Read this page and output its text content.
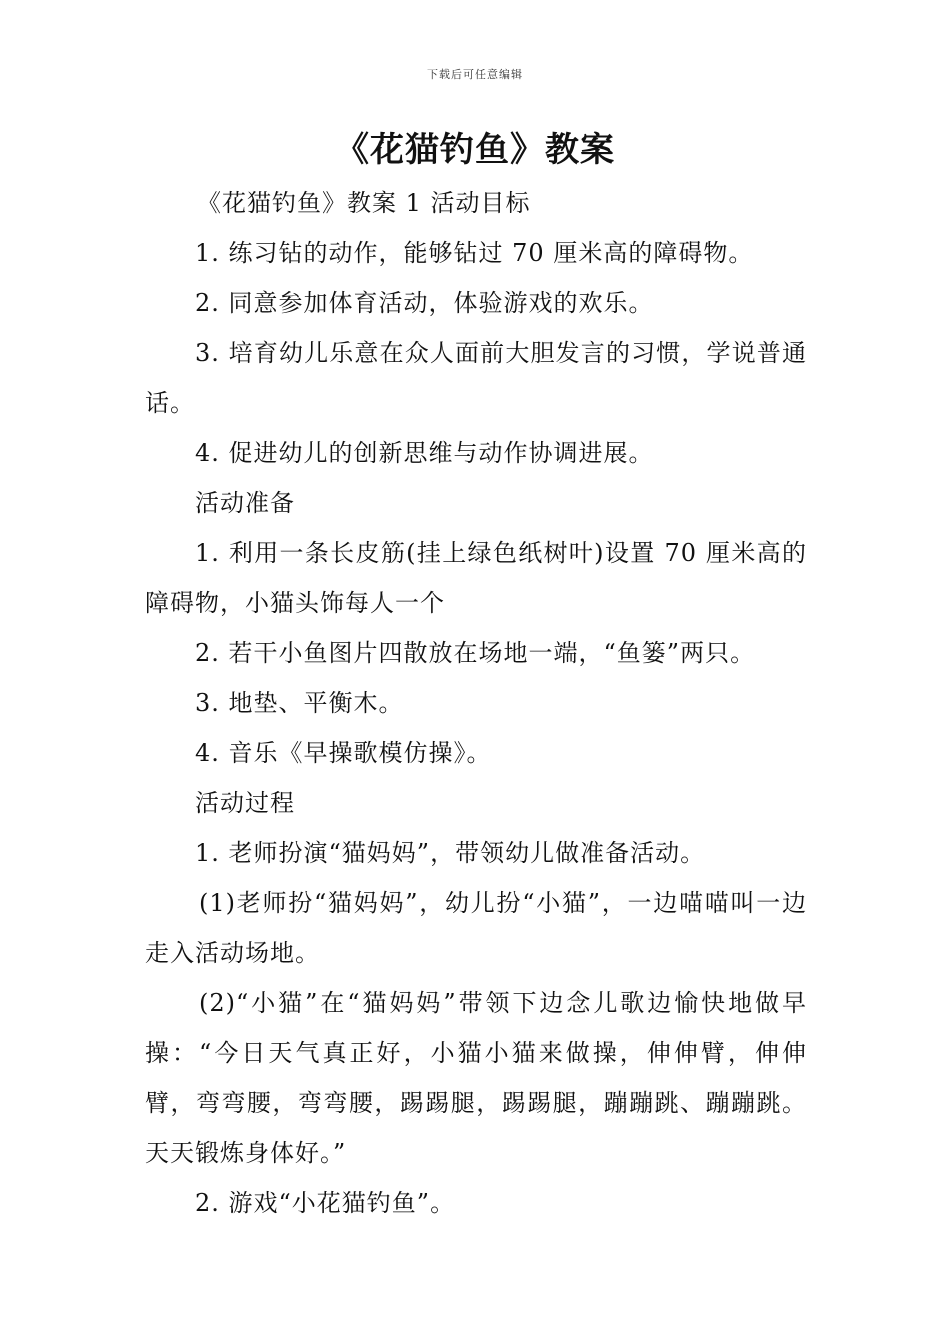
下载后可任意编辑
《花猫钓鱼》教案

《花猫钓鱼》教案 1 活动目标

1. 练习钻的动作，能够钻过 70 厘米高的障碍物。

2. 同意参加体育活动，体验游戏的欢乐。

3. 培育幼儿乐意在众人面前大胆发言的习惯，学说普通话。

4. 促进幼儿的创新思维与动作协调进展。

活动准备

1. 利用一条长皮筋(挂上绿色纸树叶)设置 70 厘米高的障碍物，小猫头饰每人一个

2. 若干小鱼图片四散放在场地一端，“鱼篓”两只。

3. 地垫、平衡木。

4. 音乐《早操歌模仿操》。

活动过程

1. 老师扮演“猫妈妈”，带领幼儿做准备活动。

(1)老师扮“猫妈妈”，幼儿扮“小猫”，一边喵喵叫一边走入活动场地。

(2)“小猫”在“猫妈妈”带领下边念儿歌边愉快地做早操：“今日天气真正好，小猫小猫来做操，伸伸臂，伸伸臂，弯弯腰，弯弯腰，踢踢腿，踢踢腿，蹦蹦跳、蹦蹦跳。天天锻炼身体好。”

2. 游戏“小花猫钓鱼”。
